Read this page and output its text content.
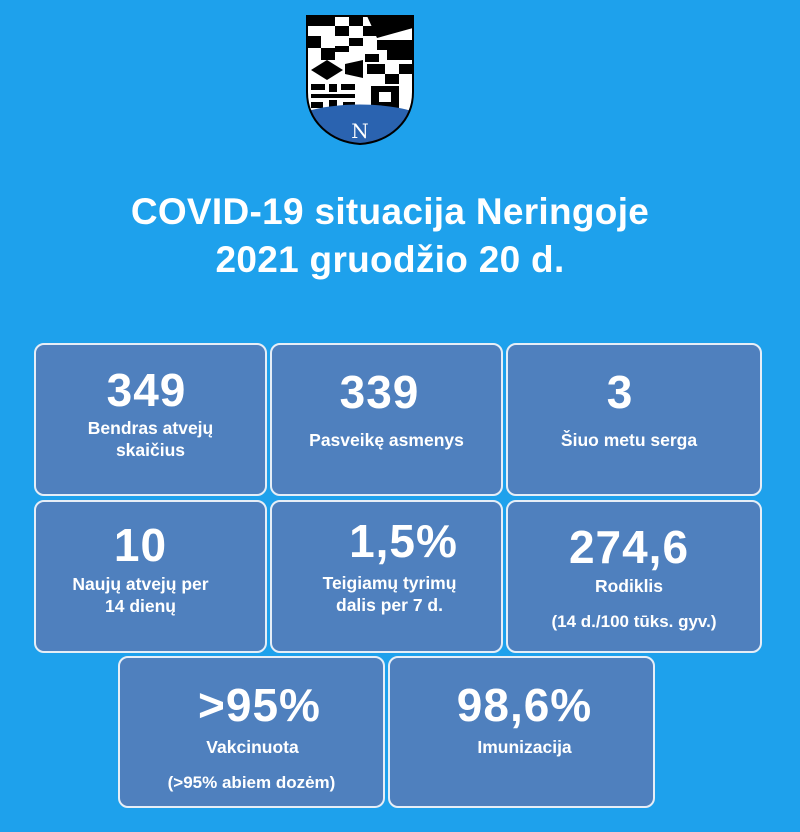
N
COVID-19 situacija Neringoje
2021 gruodžio 20 d.
349
Bendras atvejų
skaičius
339
Pasveikę asmenys
3
Šiuo metu serga
10
Naujų atvejų per
14 dienų
1,5%
Teigiamų tyrimų
dalis per 7 d.
274,6
Rodiklis
(14 d./100 tūks. gyv.)
>95%
Vakcinuota
(>95% abiem dozėm)
98,6%
Imunizacija
